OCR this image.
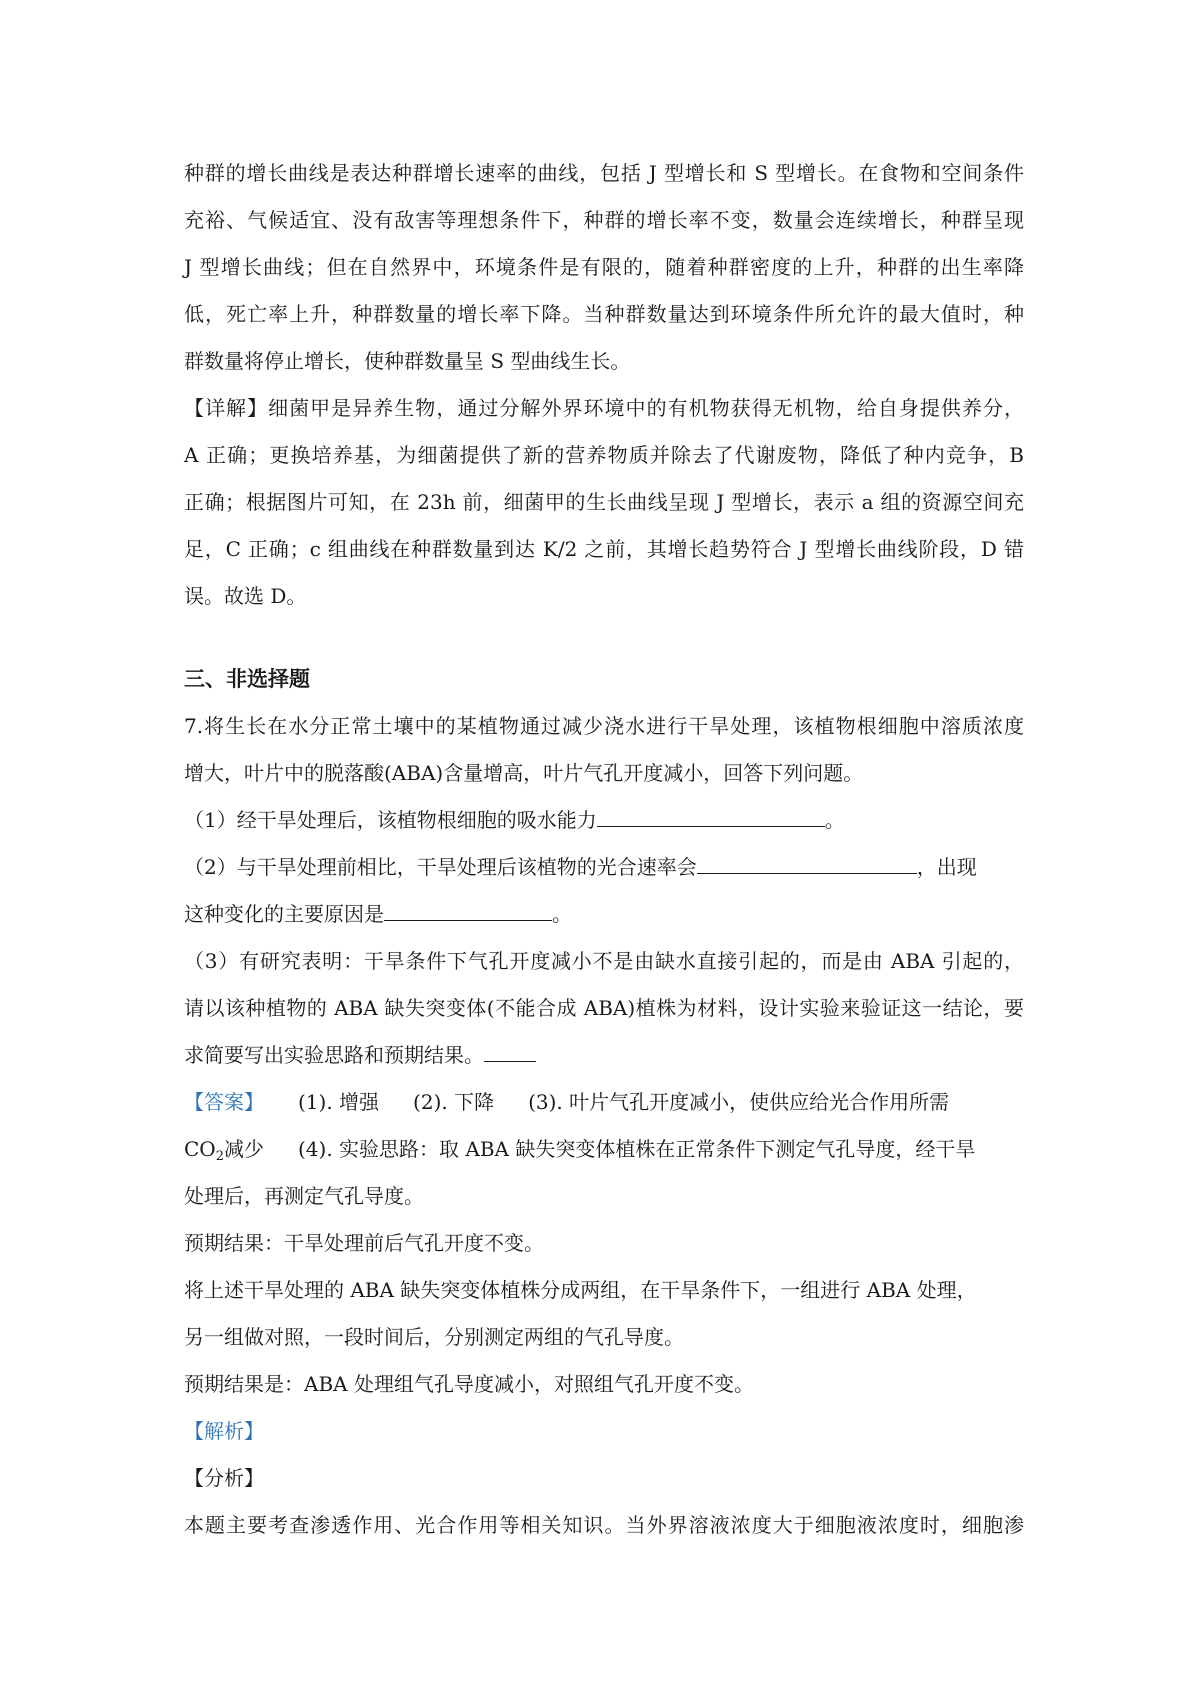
种群的增长曲线是表达种群增长速率的曲线，包括 J 型增长和 S 型增长。在食物和空间条件
充裕、气候适宜、没有敌害等理想条件下，种群的增长率不变，数量会连续增长，种群呈现
J 型增长曲线；但在自然界中，环境条件是有限的，随着种群密度的上升，种群的出生率降
低，死亡率上升，种群数量的增长率下降。当种群数量达到环境条件所允许的最大值时，种
群数量将停止增长，使种群数量呈 S 型曲线生长。
【详解】细菌甲是异养生物，通过分解外界环境中的有机物获得无机物，给自身提供养分，
A 正确；更换培养基，为细菌提供了新的营养物质并除去了代谢废物，降低了种内竞争，B
正确；根据图片可知，在 23h 前，细菌甲的生长曲线呈现 J 型增长，表示 a 组的资源空间充
足，C 正确；c 组曲线在种群数量到达 K/2 之前，其增长趋势符合 J 型增长曲线阶段，D 错
误。故选 D。
三、非选择题
7.将生长在水分正常土壤中的某植物通过减少浇水进行干旱处理，该植物根细胞中溶质浓度
增大，叶片中的脱落酸(ABA)含量增高，叶片气孔开度减小，回答下列问题。
（1）经干旱处理后，该植物根细胞的吸水能力	。
（2）与干旱处理前相比，干旱处理后该植物的光合速率会	，出现
这种变化的主要原因是	。
（3）有研究表明：干旱条件下气孔开度减小不是由缺水直接引起的，而是由 ABA 引起的，
请以该种植物的 ABA 缺失突变体(不能合成 ABA)植株为材料，设计实验来验证这一结论，要
求简要写出实验思路和预期结果。
【答案】 (1). 增强 (2). 下降 (3). 叶片气孔开度减小，使供应给光合作用所需
$CO_2$减少 (4). 实验思路：取 ABA 缺失突变体植株在正常条件下测定气孔导度，经干旱
处理后，再测定气孔导度。
预期结果：干旱处理前后气孔开度不变。
将上述干旱处理的 ABA 缺失突变体植株分成两组，在干旱条件下，一组进行 ABA 处理，
另一组做对照，一段时间后，分别测定两组的气孔导度。
预期结果是：ABA 处理组气孔导度减小，对照组气孔开度不变。
【解析】
【分析】
本题主要考查渗透作用、光合作用等相关知识。当外界溶液浓度大于细胞液浓度时，细胞渗
